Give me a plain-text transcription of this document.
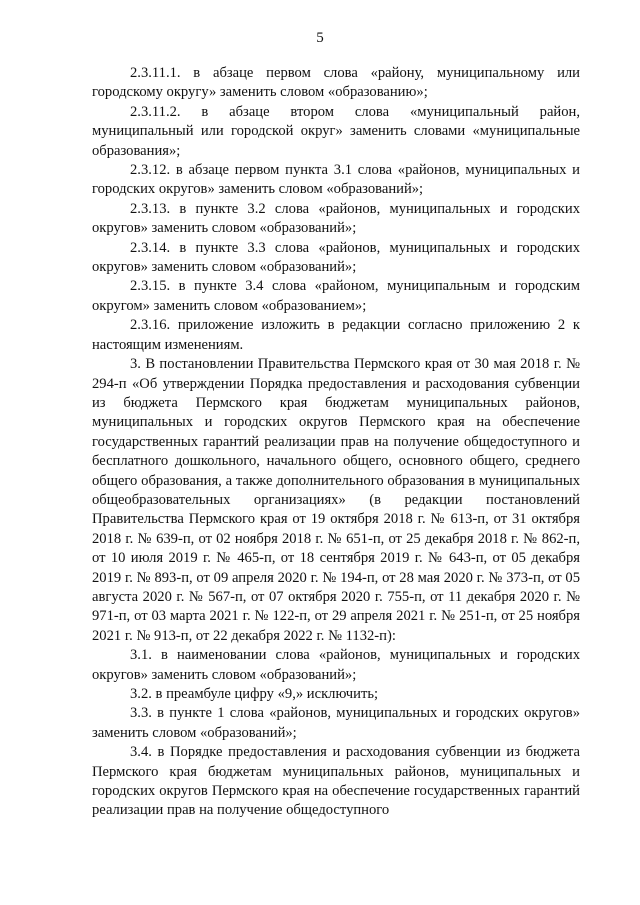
5

2.3.11.1. в абзаце первом слова «району, муниципальному или городскому округу» заменить словом «образованию»;

2.3.11.2. в абзаце втором слова «муниципальный район, муниципальный или городской округ» заменить словами «муниципальные образования»;

2.3.12. в абзаце первом пункта 3.1 слова «районов, муниципальных и городских округов» заменить словом «образований»;

2.3.13. в пункте 3.2 слова «районов, муниципальных и городских округов» заменить словом «образований»;

2.3.14. в пункте 3.3 слова «районов, муниципальных и городских округов» заменить словом «образований»;

2.3.15. в пункте 3.4 слова «районом, муниципальным и городским округом» заменить словом «образованием»;

2.3.16. приложение изложить в редакции согласно приложению 2 к настоящим изменениям.

3. В постановлении Правительства Пермского края от 30 мая 2018 г. № 294-п «Об утверждении Порядка предоставления и расходования субвенции из бюджета Пермского края бюджетам муниципальных районов, муниципальных и городских округов Пермского края на обеспечение государственных гарантий реализации прав на получение общедоступного и бесплатного дошкольного, начального общего, основного общего, среднего общего образования, а также дополнительного образования в муниципальных общеобразовательных организациях» (в редакции постановлений Правительства Пермского края от 19 октября 2018 г. № 613-п, от 31 октября 2018 г. № 639-п, от 02 ноября 2018 г. № 651-п, от 25 декабря 2018 г. № 862-п, от 10 июля 2019 г. № 465-п, от 18 сентября 2019 г. № 643-п, от 05 декабря 2019 г. № 893-п, от 09 апреля 2020 г. № 194-п, от 28 мая 2020 г. № 373-п, от 05 августа 2020 г. № 567-п, от 07 октября 2020 г. 755-п, от 11 декабря 2020 г. № 971-п, от 03 марта 2021 г. № 122-п, от 29 апреля 2021 г. № 251-п, от 25 ноября 2021 г. № 913-п, от 22 декабря 2022 г. № 1132-п):

3.1. в наименовании слова «районов, муниципальных и городских округов» заменить словом «образований»;

3.2. в преамбуле цифру «9,» исключить;

3.3. в пункте 1 слова «районов, муниципальных и городских округов» заменить словом «образований»;

3.4. в Порядке предоставления и расходования субвенции из бюджета Пермского края бюджетам муниципальных районов, муниципальных и городских округов Пермского края на обеспечение государственных гарантий реализации прав на получение общедоступного
